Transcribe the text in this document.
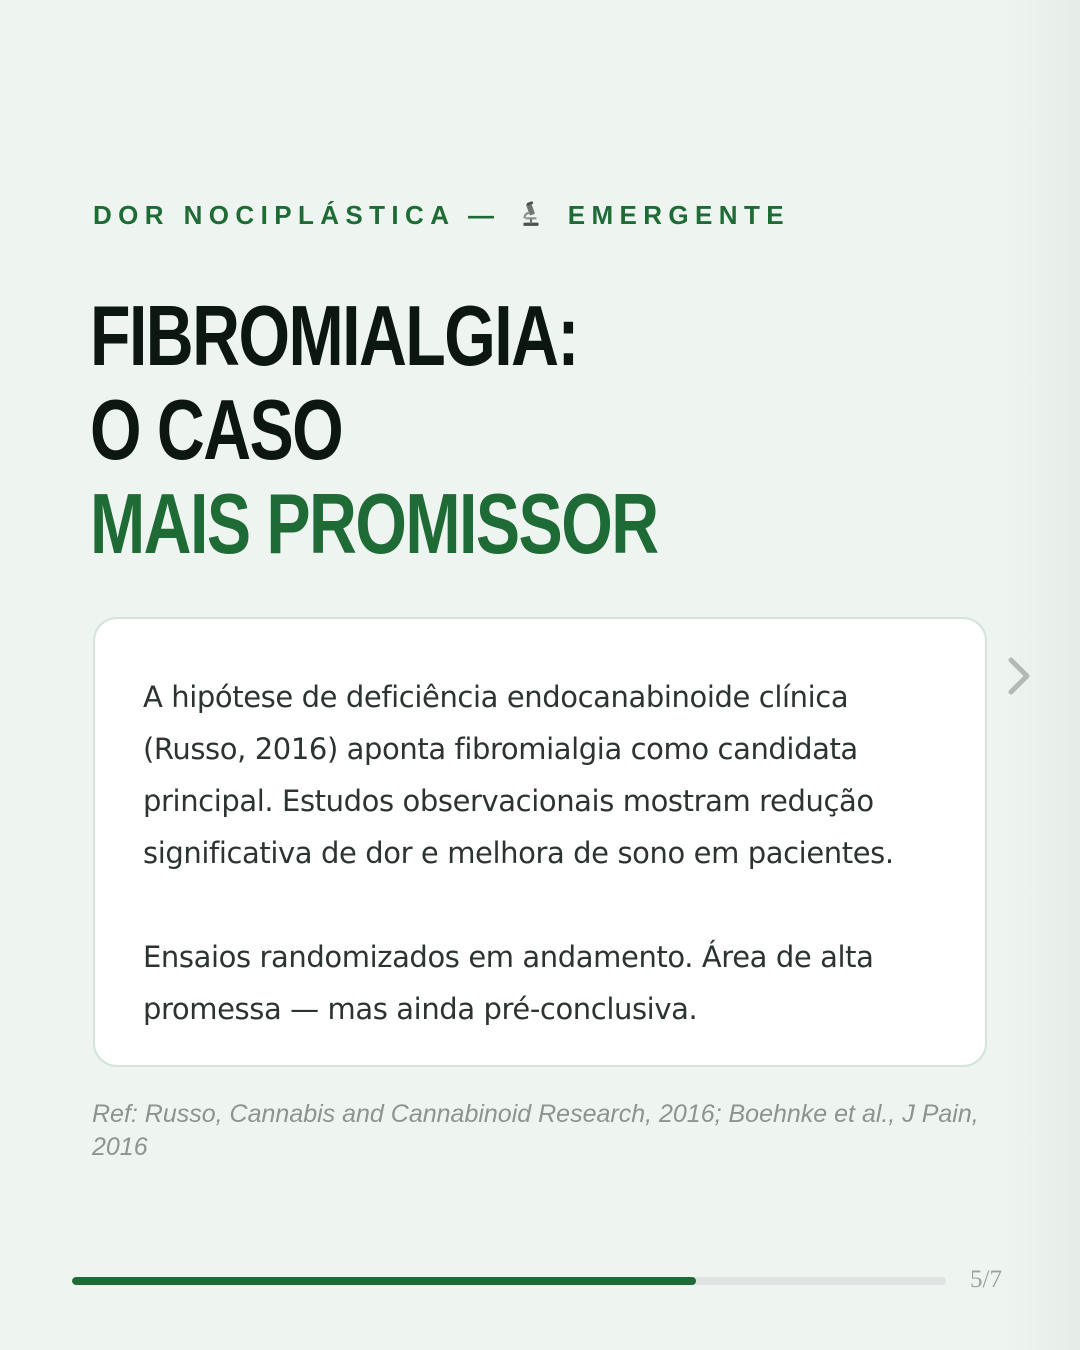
DOR NOCIPLÁSTICA —	EMERGENTE
FIBROMIALGIA:
O CASO
MAIS PROMISSOR

A hipótese de deficiência endocanabinoide clínica
(Russo, 2016) aponta fibromialgia como candidata
principal. Estudos observacionais mostram redução
significativa de dor e melhora de sono em pacientes.

Ensaios randomizados em andamento. Área de alta
promessa — mas ainda pré-conclusiva.

Ref: Russo, Cannabis and Cannabinoid Research, 2016; Boehnke et al., J Pain, 2016
5/7
